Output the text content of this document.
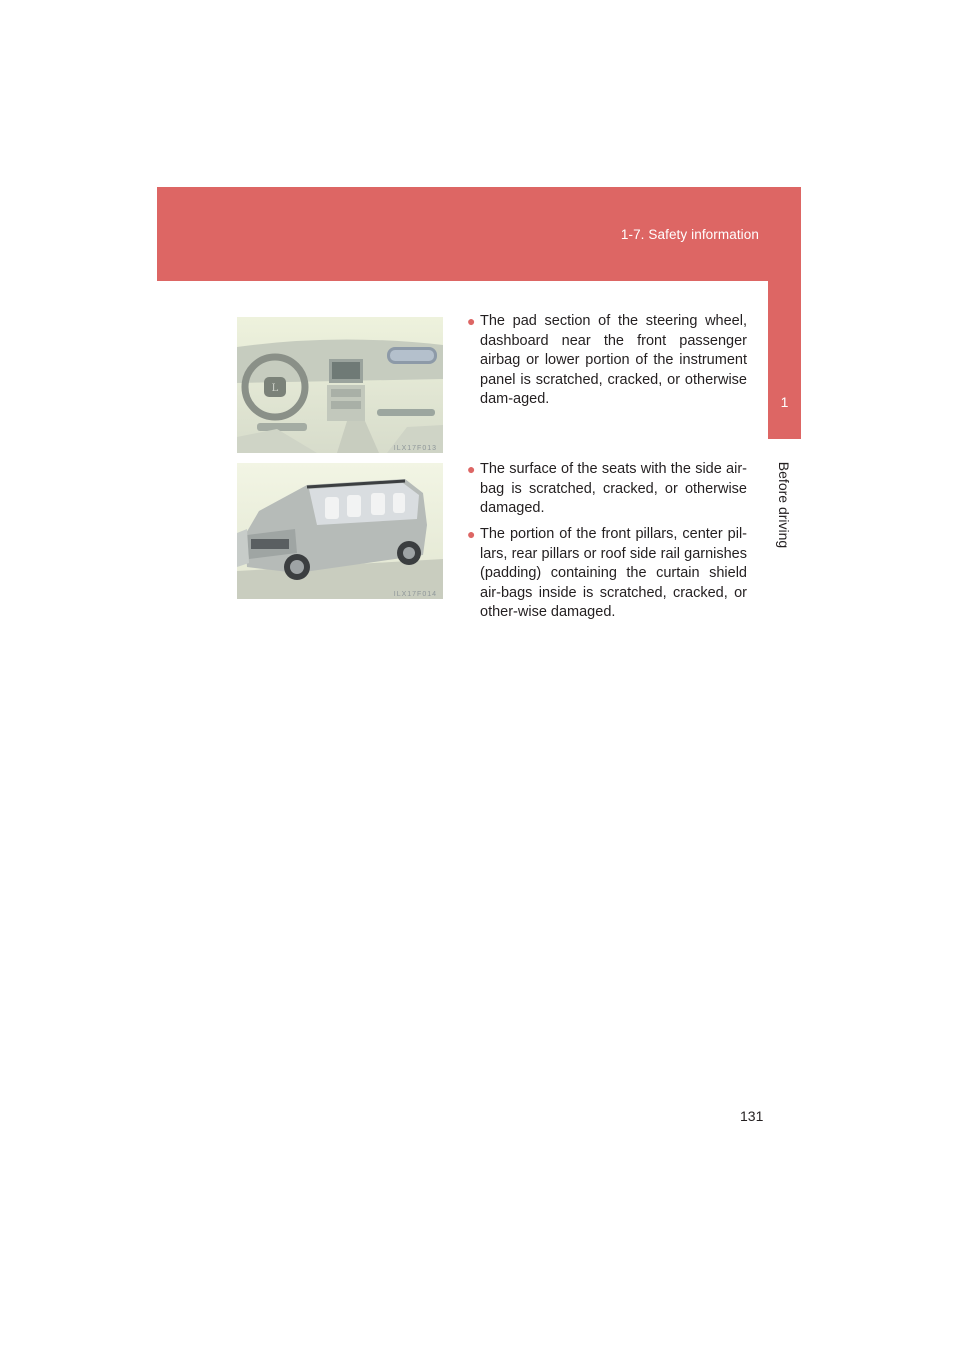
1-7. Safety information
1
Before driving
L
ILX17F013
ILX17F014
● The pad section of the steering wheel, dashboard near the front passenger airbag or lower portion of the instrument panel is scratched, cracked, or otherwise dam-aged.
● The surface of the seats with the side air-bag is scratched, cracked, or otherwise damaged.
● The portion of the front pillars, center pil-lars, rear pillars or roof side rail garnishes (padding) containing the curtain shield air-bags inside is scratched, cracked, or other-wise damaged.
131
